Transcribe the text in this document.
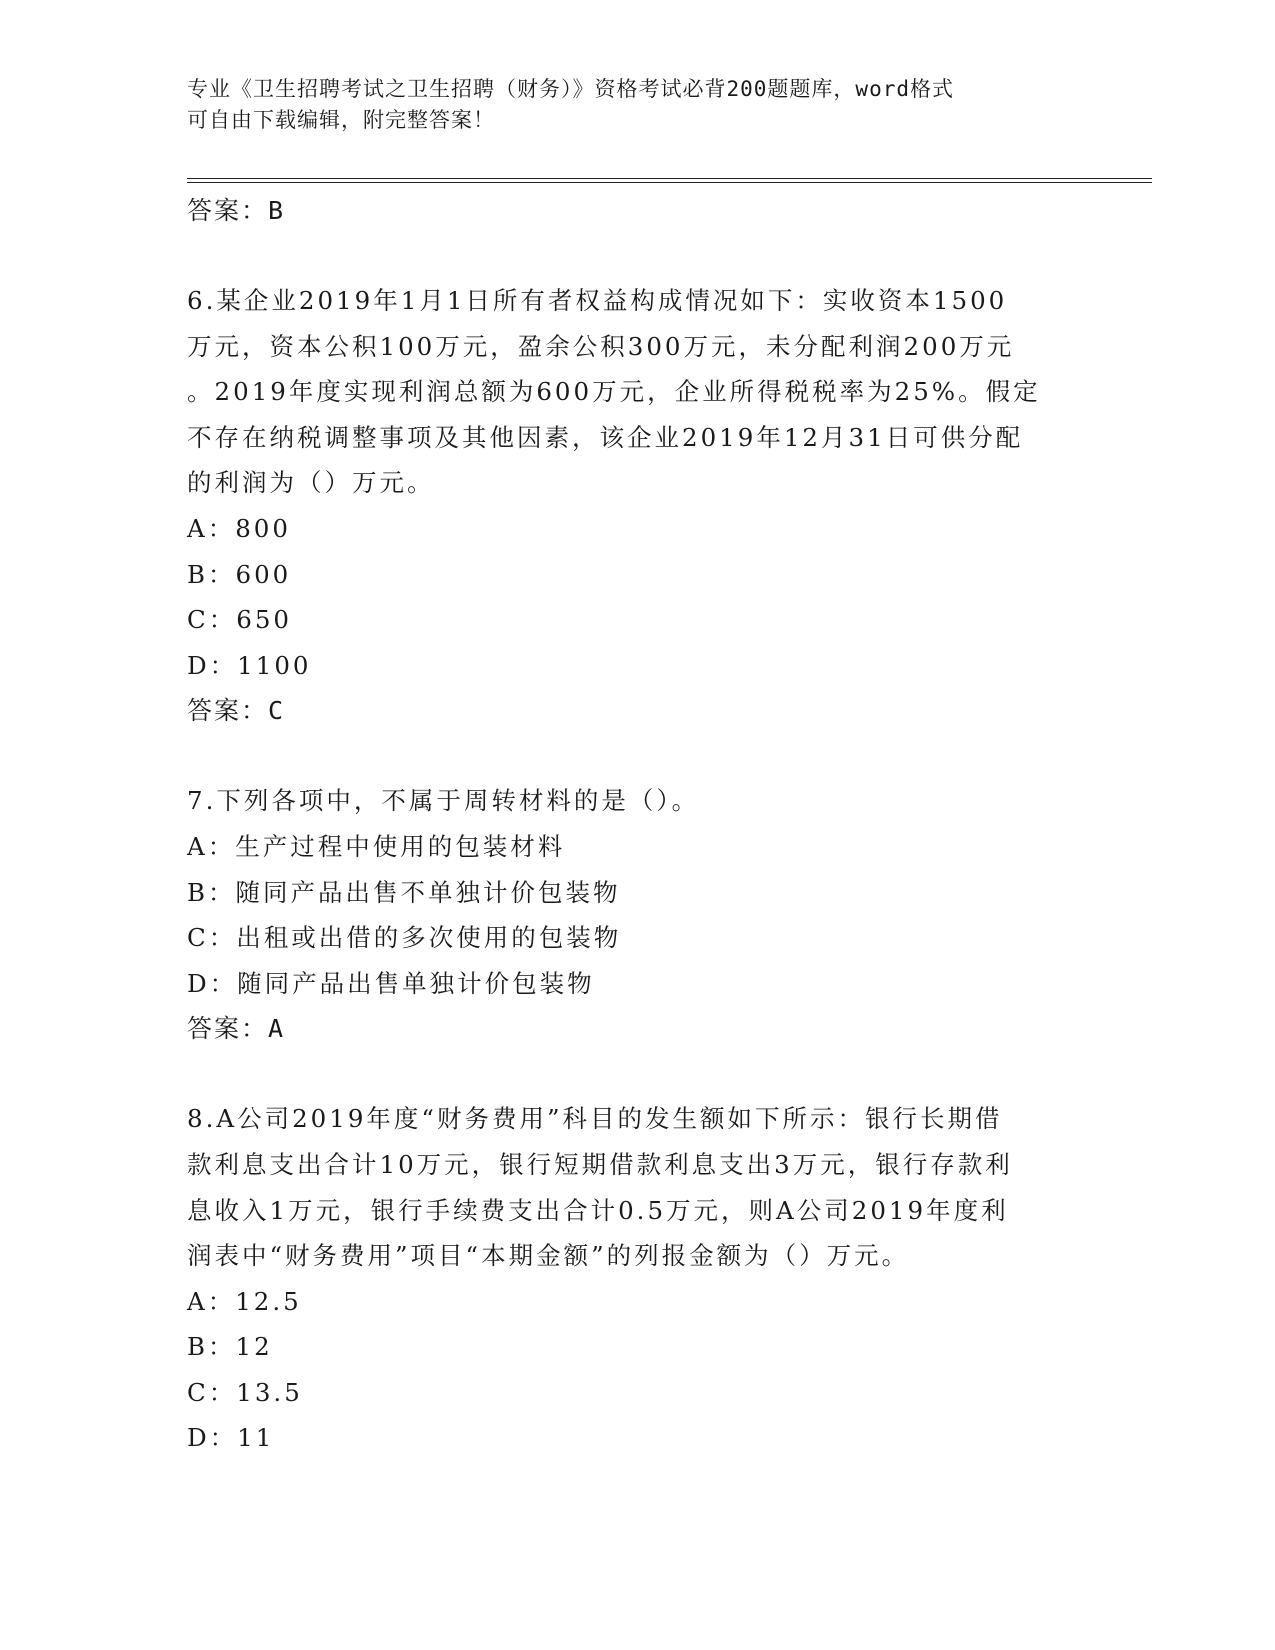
专业《卫生招聘考试之卫生招聘（财务）》资格考试必背200题题库，word格式
可自由下载编辑，附完整答案！
答案：B
6.某企业2019年1月1日所有者权益构成情况如下：实收资本1500
万元，资本公积100万元，盈余公积300万元，未分配利润200万元
。2019年度实现利润总额为600万元，企业所得税税率为25%。假定
不存在纳税调整事项及其他因素，该企业2019年12月31日可供分配
的利润为（）万元。
A：800
B：600
C：650
D：1100
答案：C
7.下列各项中，不属于周转材料的是（）。
A：生产过程中使用的包装材料
B：随同产品出售不单独计价包装物
C：出租或出借的多次使用的包装物
D：随同产品出售单独计价包装物
答案：A
8.A公司2019年度“财务费用”科目的发生额如下所示：银行长期借
款利息支出合计10万元，银行短期借款利息支出3万元，银行存款利
息收入1万元，银行手续费支出合计0.5万元，则A公司2019年度利
润表中“财务费用”项目“本期金额”的列报金额为（）万元。
A：12.5
B：12
C：13.5
D：11
